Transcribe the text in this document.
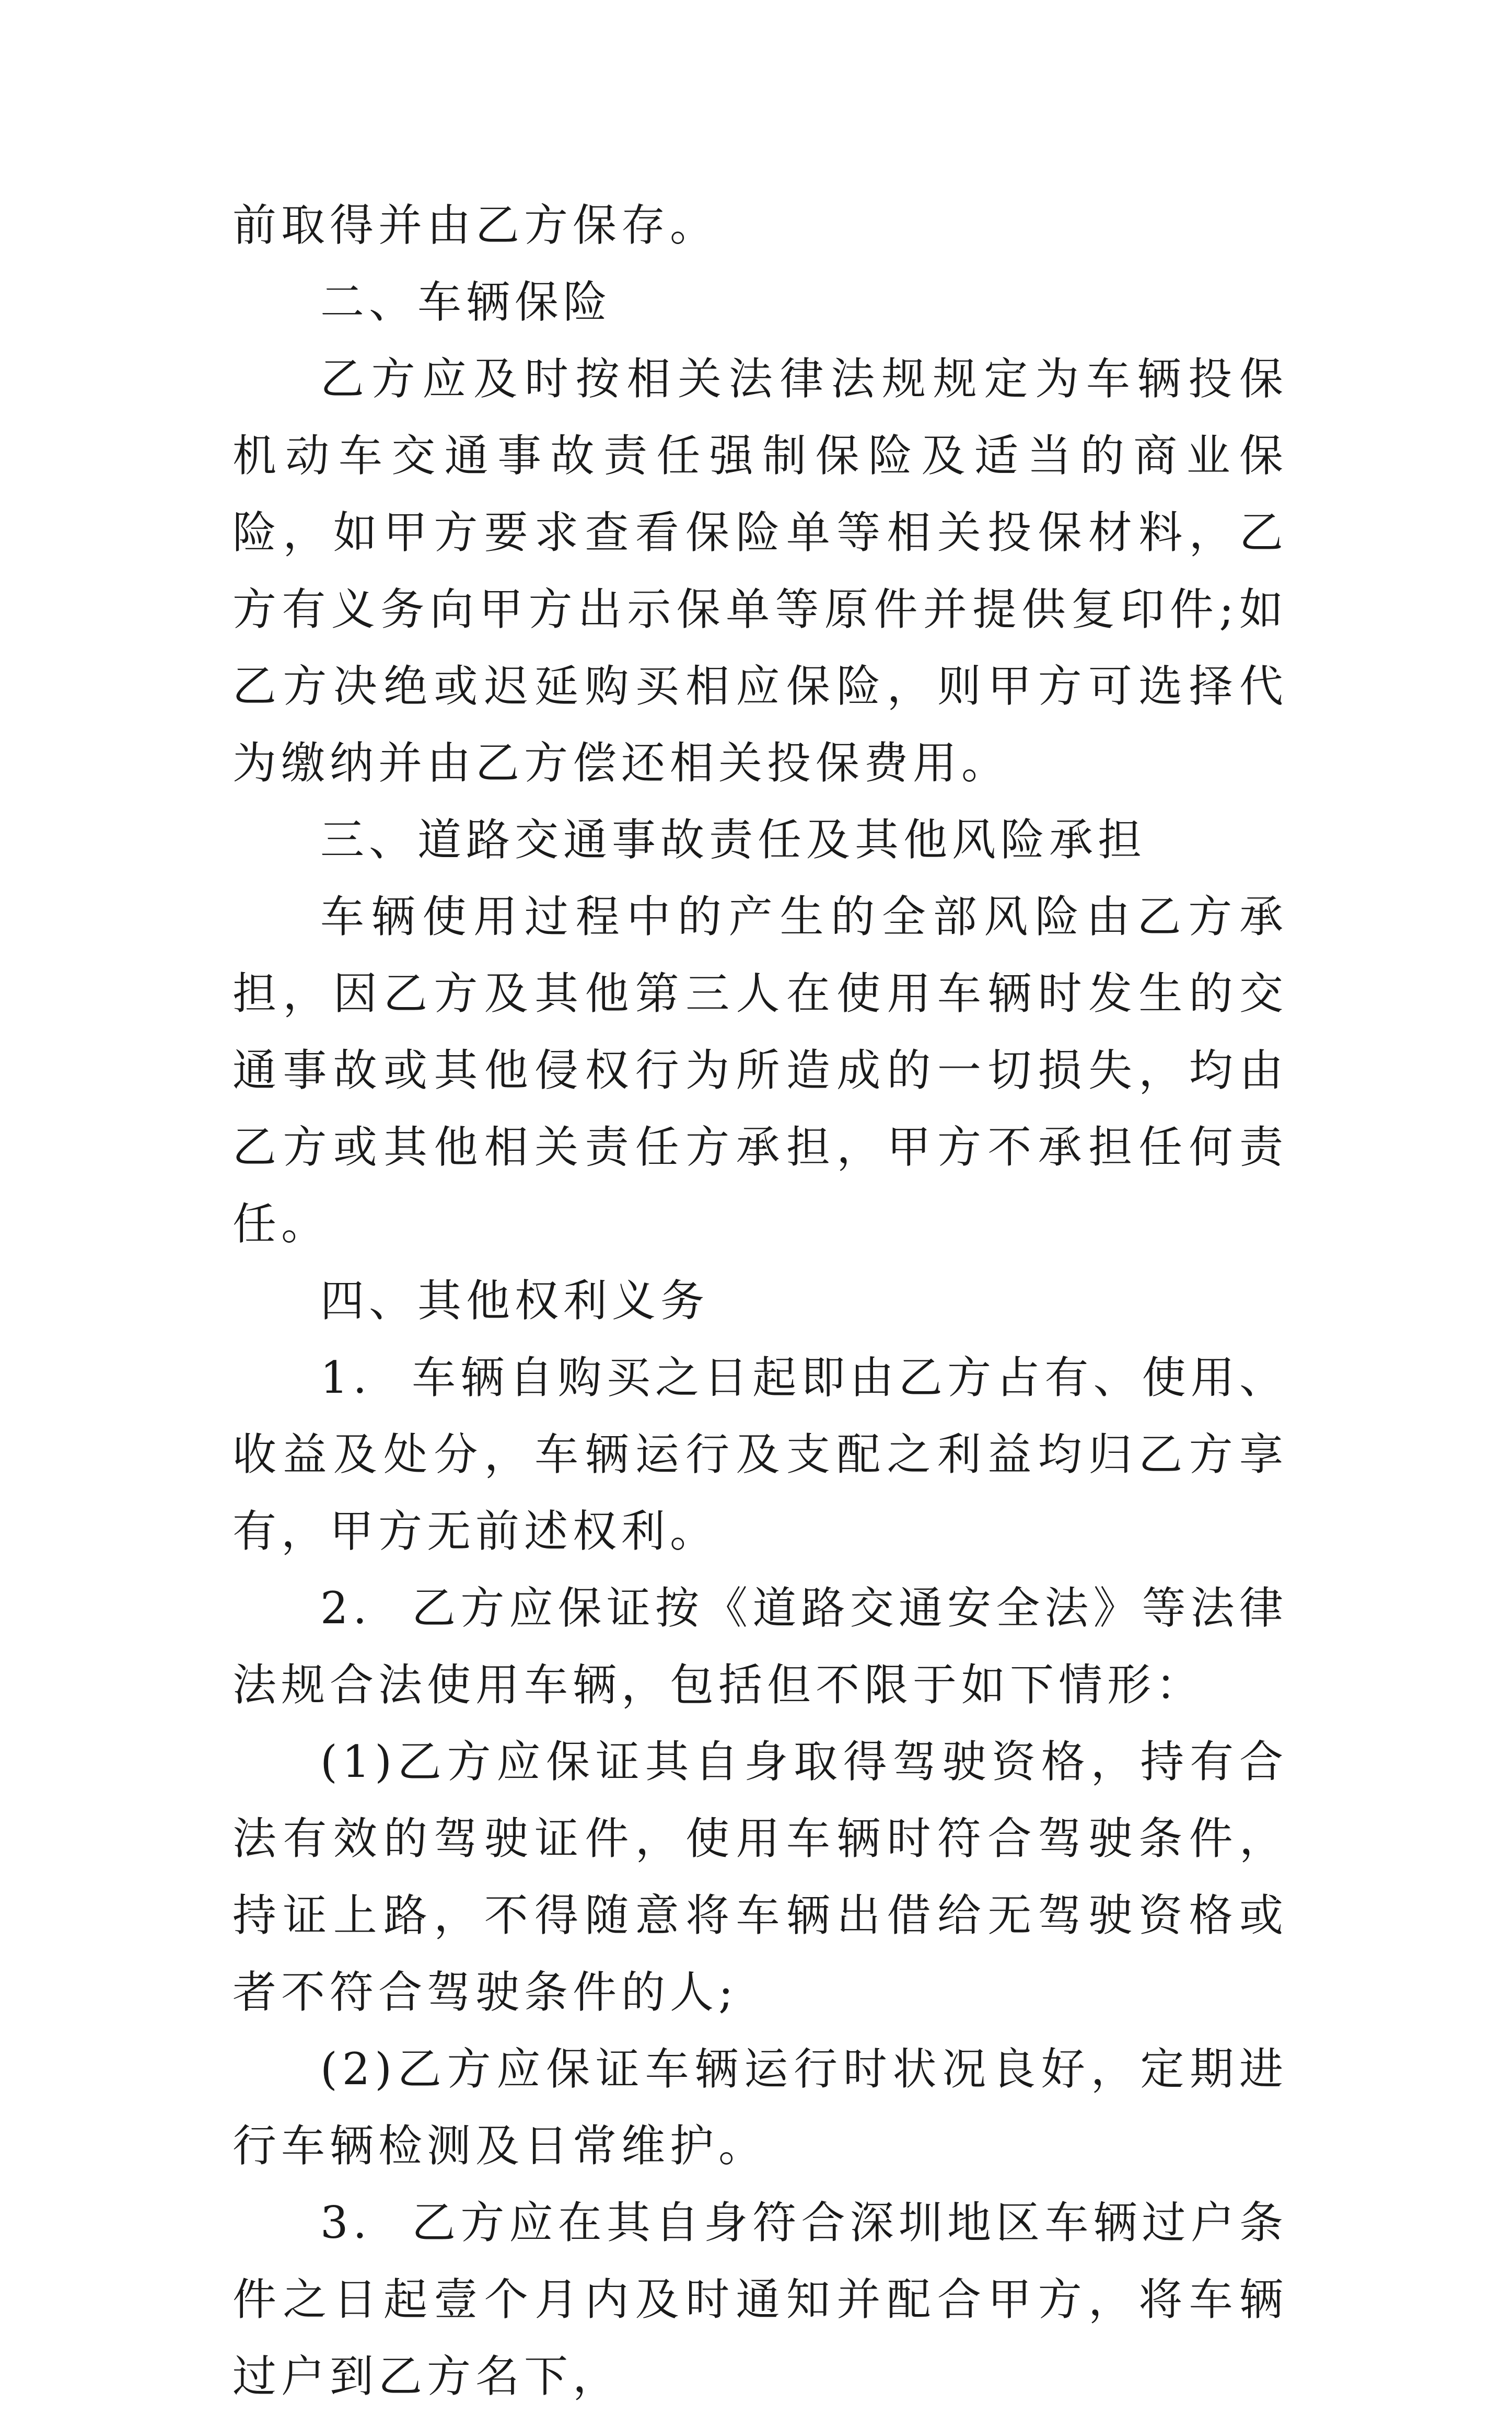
前取得并由乙方保存。

二、车辆保险

乙方应及时按相关法律法规规定为车辆投保机动车交通事故责任强制保险及适当的商业保险，如甲方要求查看保险单等相关投保材料，乙方有义务向甲方出示保单等原件并提供复印件;如乙方决绝或迟延购买相应保险，则甲方可选择代为缴纳并由乙方偿还相关投保费用。

三、道路交通事故责任及其他风险承担

车辆使用过程中的产生的全部风险由乙方承担，因乙方及其他第三人在使用车辆时发生的交通事故或其他侵权行为所造成的一切损失，均由乙方或其他相关责任方承担，甲方不承担任何责任。

四、其他权利义务

1. 车辆自购买之日起即由乙方占有、使用、收益及处分，车辆运行及支配之利益均归乙方享有，甲方无前述权利。

2. 乙方应保证按《道路交通安全法》等法律法规合法使用车辆，包括但不限于如下情形：

(1)乙方应保证其自身取得驾驶资格，持有合法有效的驾驶证件，使用车辆时符合驾驶条件，持证上路，不得随意将车辆出借给无驾驶资格或者不符合驾驶条件的人;

(2)乙方应保证车辆运行时状况良好，定期进行车辆检测及日常维护。

3. 乙方应在其自身符合深圳地区车辆过户条件之日起壹个月内及时通知并配合甲方，将车辆过户到乙方名下，
